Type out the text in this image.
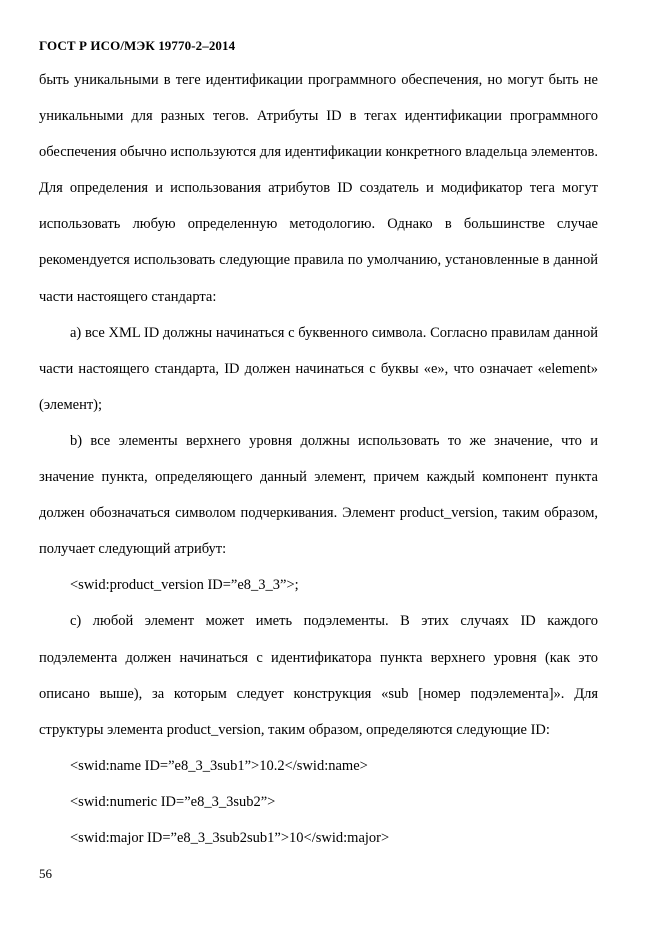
ГОСТ Р ИСО/МЭК 19770-2–2014

быть уникальными в теге идентификации программного обеспечения, но могут быть не уникальными для разных тегов. Атрибуты ID в тегах идентификации программного обеспечения обычно используются для идентификации конкретного владельца элементов. Для определения и использования атрибутов ID создатель и модификатор тега могут использовать любую определенную методологию. Однако в большинстве случае рекомендуется использовать следующие правила по умолчанию, установленные в данной части настоящего стандарта:

а) все XML ID должны начинаться с буквенного символа. Согласно правилам данной части настоящего стандарта, ID должен начинаться с буквы «e», что означает «element» (элемент);

b) все элементы верхнего уровня должны использовать то же значение, что и значение пункта, определяющего данный элемент, причем каждый компонент пункта должен обозначаться символом подчеркивания. Элемент product_version, таким образом, получает следующий атрибут:

<swid:product_version ID=”e8_3_3”>;

с) любой элемент может иметь подэлементы. В этих случаях ID каждого подэлемента должен начинаться с идентификатора пункта верхнего уровня (как это описано выше), за которым следует конструкция «sub [номер подэлемента]». Для структуры элемента product_version, таким образом, определяются следующие ID:

<swid:name ID=”e8_3_3sub1”>10.2</swid:name>

<swid:numeric ID=”e8_3_3sub2”>

<swid:major ID=”e8_3_3sub2sub1”>10</swid:major>

56
